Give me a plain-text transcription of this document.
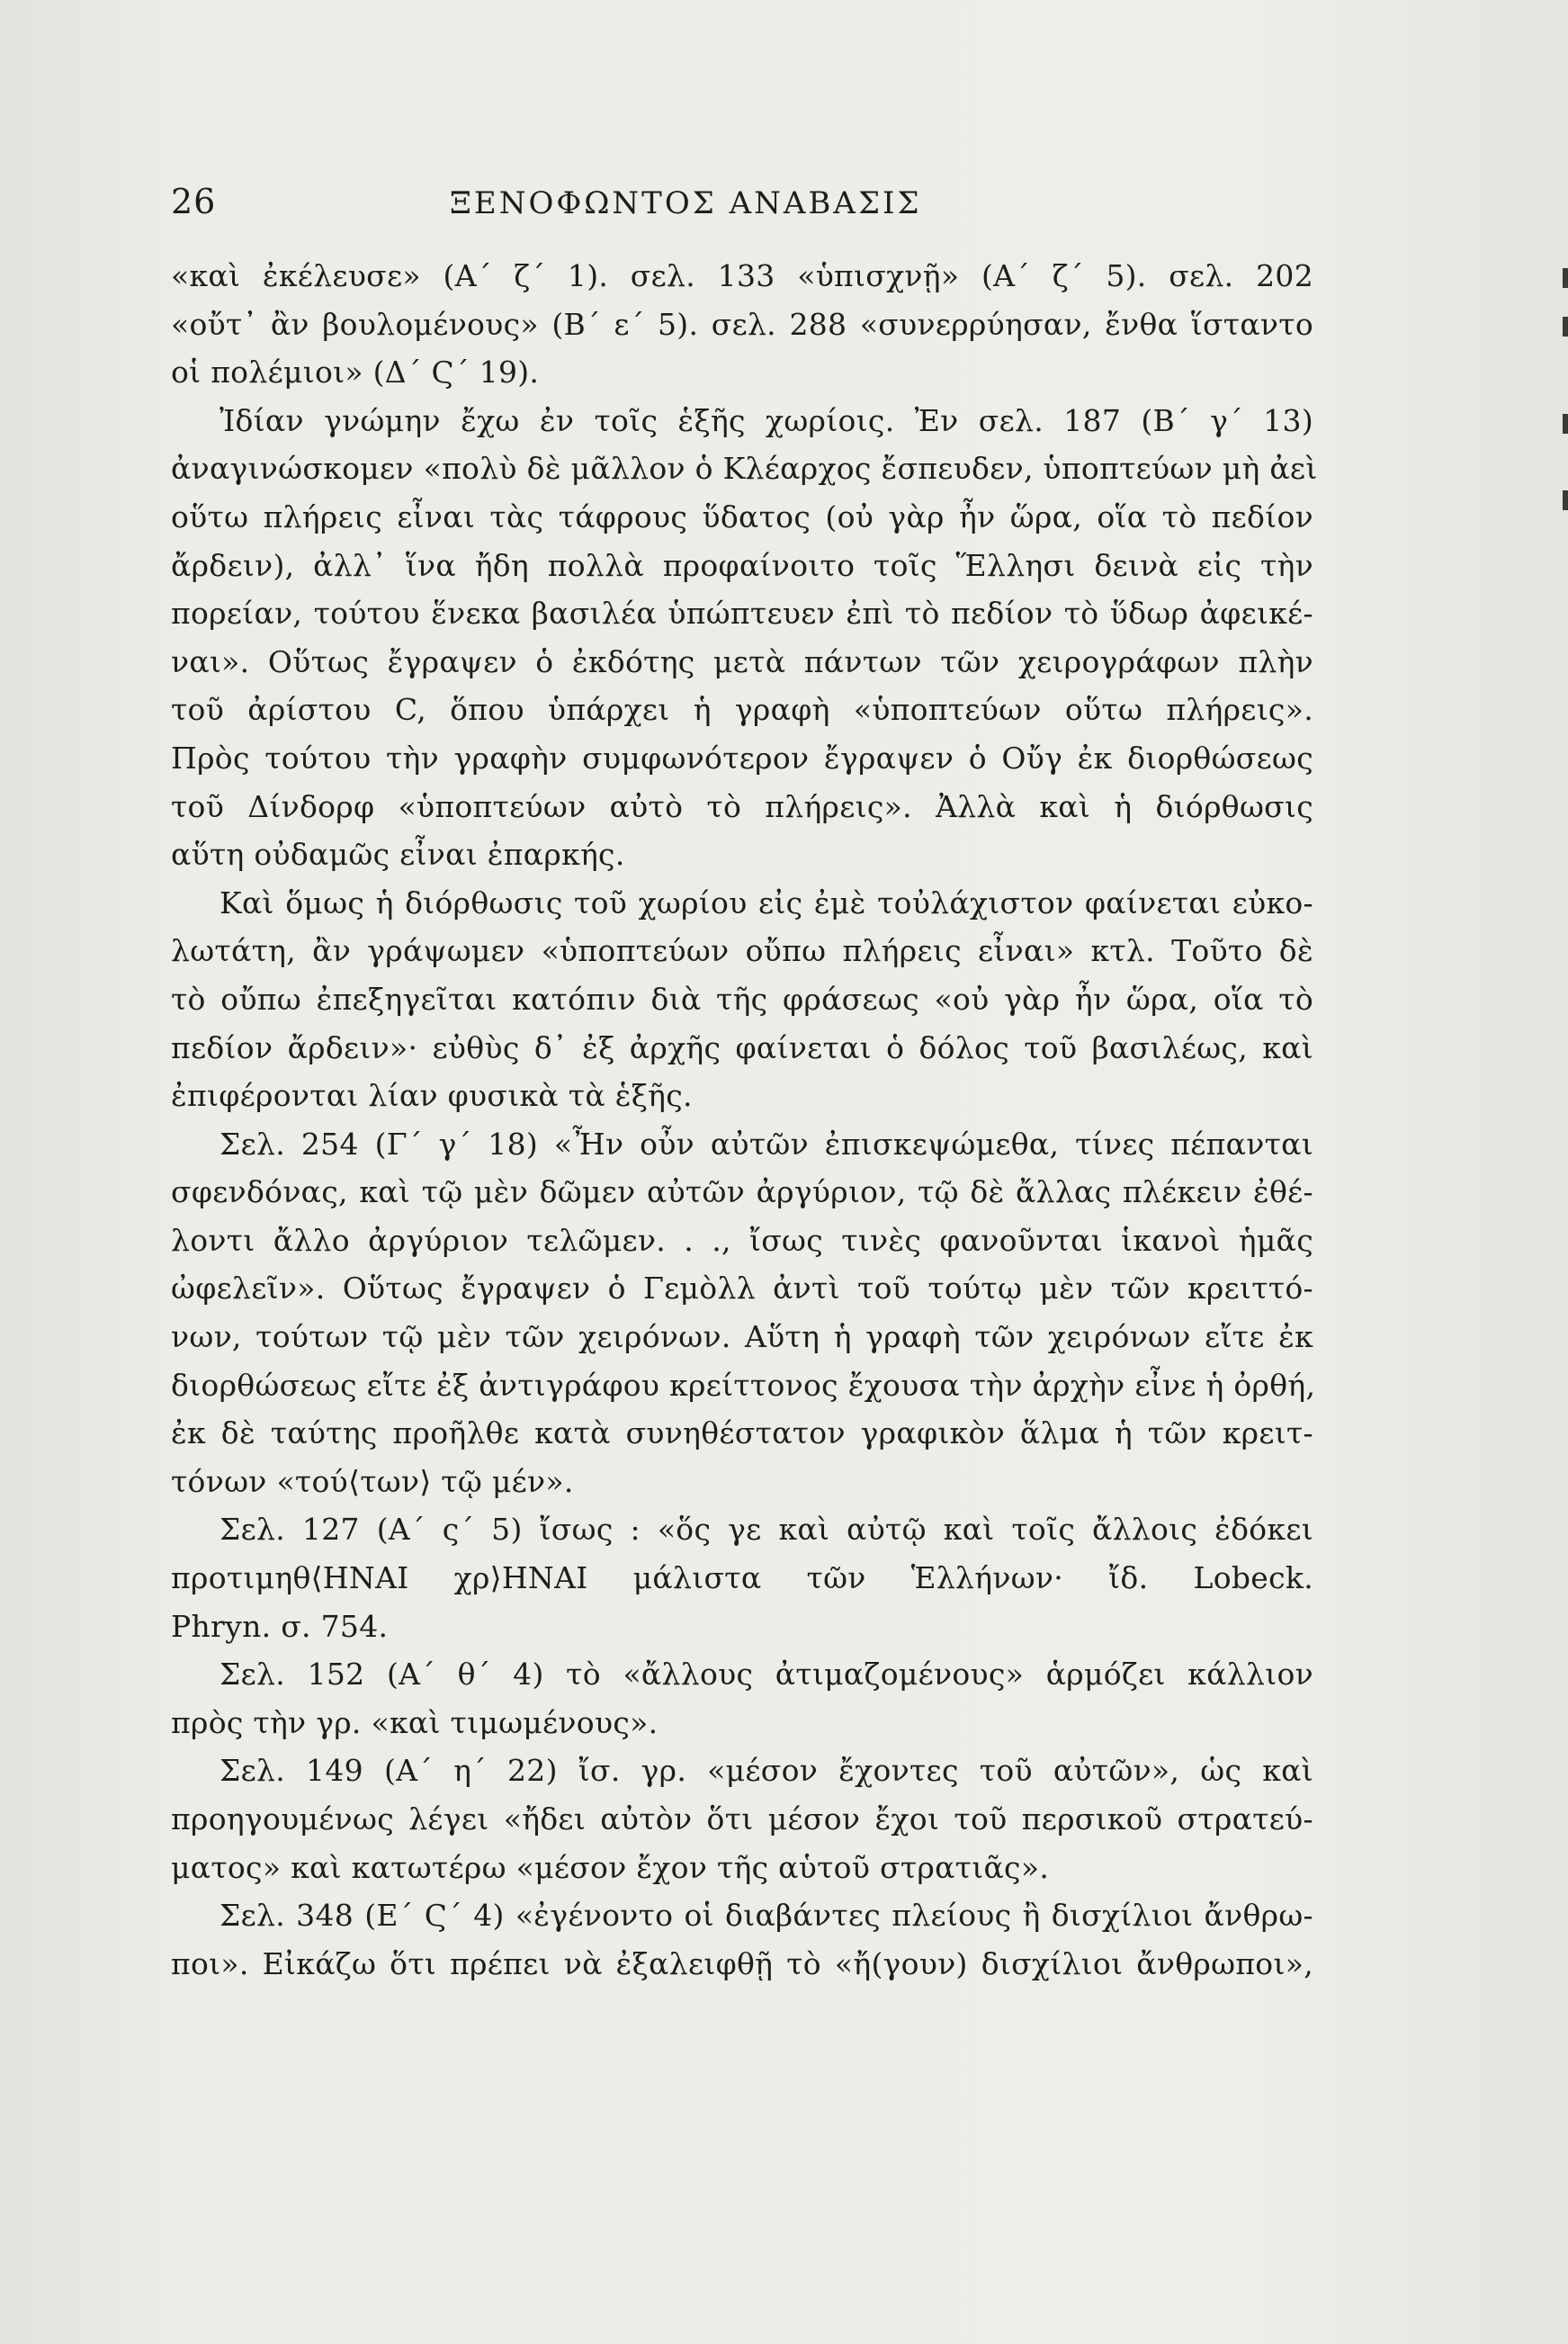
26	ΞΕΝΟΦΩΝΤΟΣ ΑΝΑΒΑΣΙΣ
«καὶ ἐκέλευσε» (Α΄ ζ΄ 1). σελ. 133 «ὑπισχνῇ» (Α΄ ζ΄ 5). σελ. 202
«οὔτ᾽ ἂν βουλομένους» (Β΄ ε΄ 5). σελ. 288 «συνερρύησαν, ἔνθα ἵσταντο
οἱ πολέμιοι» (Δ΄ Ϛ΄ 19).
Ἰδίαν γνώμην ἔχω ἐν τοῖς ἑξῆς χωρίοις. Ἐν σελ. 187 (Β΄ γ΄ 13)
ἀναγινώσκομεν «πολὺ δὲ μᾶλλον ὁ Κλέαρχος ἔσπευδεν, ὑποπτεύων μὴ ἀεὶ
οὕτω πλήρεις εἶναι τὰς τάφρους ὕδατος (οὐ γὰρ ἦν ὥρα, οἵα τὸ πεδίον
ἄρδειν), ἀλλ᾽ ἵνα ἤδη πολλὰ προφαίνοιτο τοῖς Ἕλλησι δεινὰ εἰς τὴν
πορείαν, τούτου ἕνεκα βασιλέα ὑπώπτευεν ἐπὶ τὸ πεδίον τὸ ὕδωρ ἀφεικέ-
ναι». Οὕτως ἔγραψεν ὁ ἐκδότης μετὰ πάντων τῶν χειρογράφων πλὴν
τοῦ ἀρίστου C, ὅπου ὑπάρχει ἡ γραφὴ «ὑποπτεύων οὕτω πλήρεις».
Πρὸς τούτου τὴν γραφὴν συμφωνότερον ἔγραψεν ὁ Οὔγ ἐκ διορθώσεως
τοῦ Δίνδορφ «ὑποπτεύων αὐτὸ τὸ πλήρεις». Ἀλλὰ καὶ ἡ διόρθωσις
αὕτη οὐδαμῶς εἶναι ἐπαρκής.
Καὶ ὅμως ἡ διόρθωσις τοῦ χωρίου εἰς ἐμὲ τοὐλάχιστον φαίνεται εὐκο-
λωτάτη, ἂν γράψωμεν «ὑποπτεύων οὔπω πλήρεις εἶναι» κτλ. Τοῦτο δὲ
τὸ οὔπω ἐπεξηγεῖται κατόπιν διὰ τῆς φράσεως «οὐ γὰρ ἦν ὥρα, οἵα τὸ
πεδίον ἄρδειν»· εὐθὺς δ᾽ ἐξ ἀρχῆς φαίνεται ὁ δόλος τοῦ βασιλέως, καὶ
ἐπιφέρονται λίαν φυσικὰ τὰ ἑξῆς.
Σελ. 254 (Γ΄ γ΄ 18) «Ἦν οὖν αὐτῶν ἐπισκεψώμεθα, τίνες πέπανται
σφενδόνας, καὶ τῷ μὲν δῶμεν αὐτῶν ἀργύριον, τῷ δὲ ἄλλας πλέκειν ἐθέ-
λοντι ἄλλο ἀργύριον τελῶμεν. . ., ἴσως τινὲς φανοῦνται ἱκανοὶ ἡμᾶς
ὠφελεῖν». Οὕτως ἔγραψεν ὁ Γεμὸλλ ἀντὶ τοῦ τούτῳ μὲν τῶν κρειττό-
νων, τούτων τῷ μὲν τῶν χειρόνων. Αὕτη ἡ γραφὴ τῶν χειρόνων εἴτε ἐκ
διορθώσεως εἴτε ἐξ ἀντιγράφου κρείττονος ἔχουσα τὴν ἀρχὴν εἶνε ἡ ὀρθή,
ἐκ δὲ ταύτης προῆλθε κατὰ συνηθέστατον γραφικὸν ἅλμα ἡ τῶν κρειτ-
τόνων «τού⟨των⟩ τῷ μέν».
Σελ. 127 (Α΄ ς΄ 5) ἴσως : «ὅς γε καὶ αὐτῷ καὶ τοῖς ἄλλοις ἐδόκει
προτιμηθ⟨ΗΝΑΙ χρ⟩ΗΝΑΙ μάλιστα τῶν Ἑλλήνων· ἴδ. Lobeck.
Phryn. σ. 754.
Σελ. 152 (Α΄ θ΄ 4) τὸ «ἄλλους ἀτιμαζομένους» ἁρμόζει κάλλιον
πρὸς τὴν γρ. «καὶ τιμωμένους».
Σελ. 149 (Α΄ η΄ 22) ἴσ. γρ. «μέσον ἔχοντες τοῦ αὐτῶν», ὡς καὶ
προηγουμένως λέγει «ἤδει αὐτὸν ὅτι μέσον ἔχοι τοῦ περσικοῦ στρατεύ-
ματος» καὶ κατωτέρω «μέσον ἔχον τῆς αὑτοῦ στρατιᾶς».
Σελ. 348 (Ε΄ Ϛ΄ 4) «ἐγένοντο οἱ διαβάντες πλείους ἢ δισχίλιοι ἄνθρω-
ποι». Εἰκάζω ὅτι πρέπει νὰ ἐξαλειφθῇ τὸ «ἤ(γουν) δισχίλιοι ἄνθρωποι»,
